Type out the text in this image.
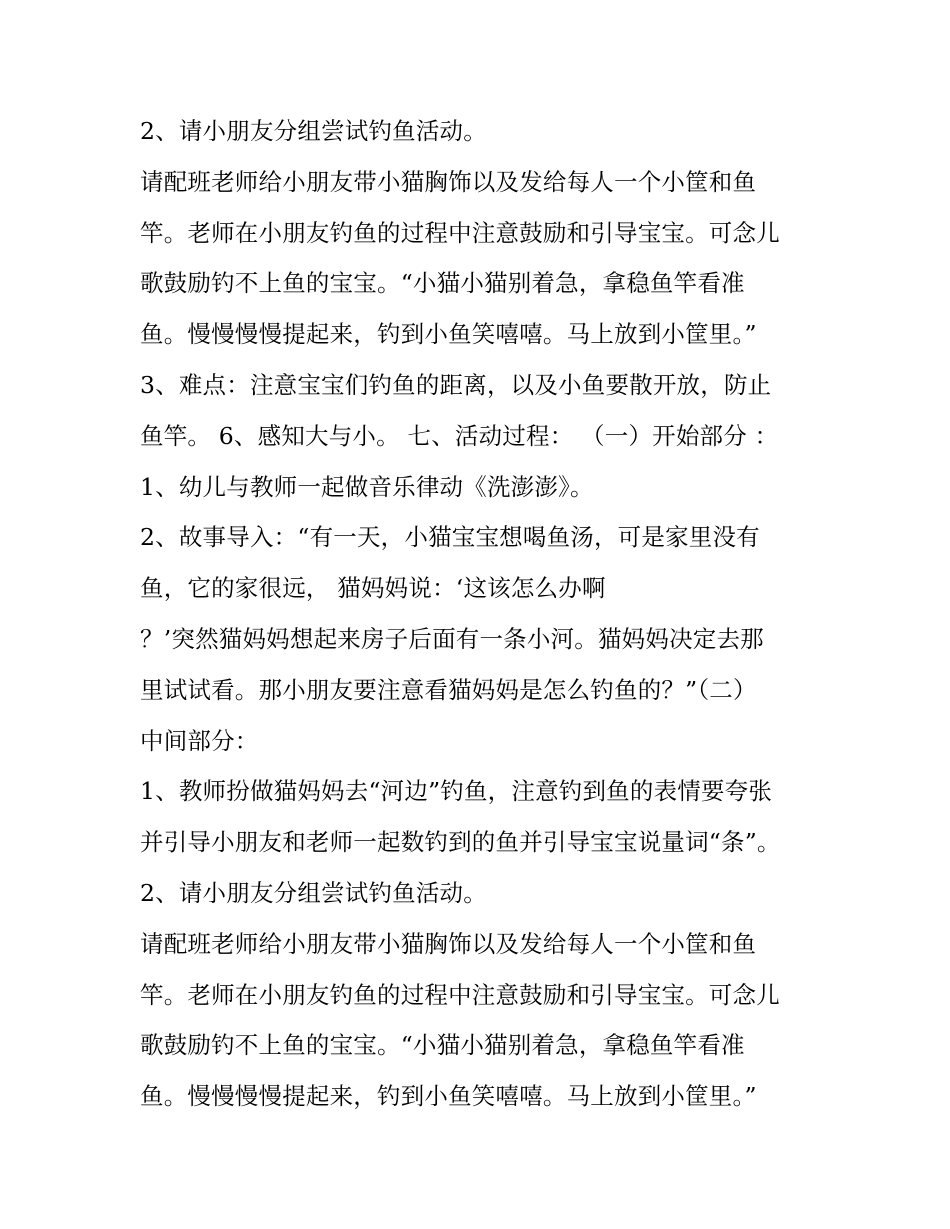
2、请小朋友分组尝试钓鱼活动。
请配班老师给小朋友带小猫胸饰以及发给每人一个小筐和鱼
竿。老师在小朋友钓鱼的过程中注意鼓励和引导宝宝。可念儿
歌鼓励钓不上鱼的宝宝。“小猫小猫别着急，拿稳鱼竿看准
鱼。慢慢慢慢提起来，钓到小鱼笑嘻嘻。马上放到小筐里。”
3、难点：注意宝宝们钓鱼的距离，以及小鱼要散开放，防止
鱼竿。 6、感知大与小。 七、活动过程： （一）开始部分 ：
1、幼儿与教师一起做音乐律动《洗澎澎》。
2、故事导入：“有一天，小猫宝宝想喝鱼汤，可是家里没有
鱼，它的家很远， 猫妈妈说：‘这该怎么办啊
？’突然猫妈妈想起来房子后面有一条小河。猫妈妈决定去那
里试试看。那小朋友要注意看猫妈妈是怎么钓鱼的？”（二）
中间部分：
1、教师扮做猫妈妈去“河边”钓鱼，注意钓到鱼的表情要夸张
并引导小朋友和老师一起数钓到的鱼并引导宝宝说量词“条”。
2、请小朋友分组尝试钓鱼活动。
请配班老师给小朋友带小猫胸饰以及发给每人一个小筐和鱼
竿。老师在小朋友钓鱼的过程中注意鼓励和引导宝宝。可念儿
歌鼓励钓不上鱼的宝宝。“小猫小猫别着急，拿稳鱼竿看准
鱼。慢慢慢慢提起来，钓到小鱼笑嘻嘻。马上放到小筐里。”
